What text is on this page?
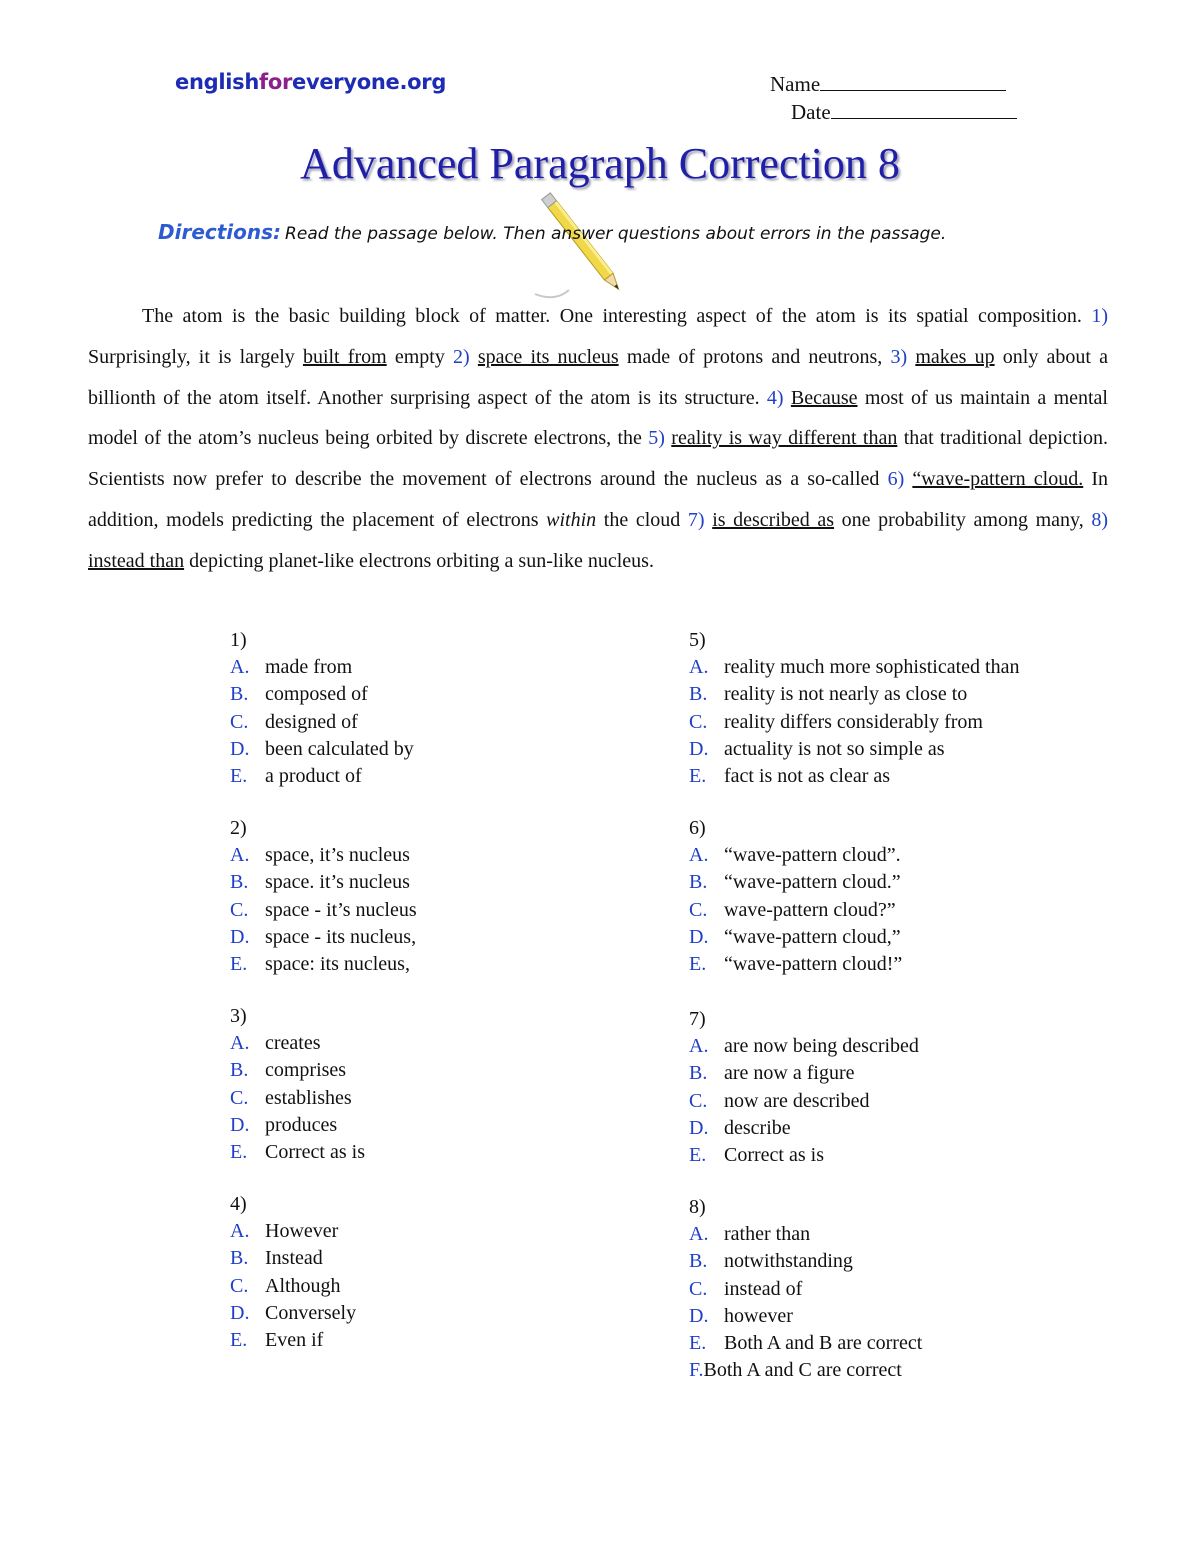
englishforeveryone.org	Name
Date
Advanced Paragraph Correction 8
Directions: Read the passage below. Then answer questions about errors in the passage.

The atom is the basic building block of matter. One interesting aspect of the atom is its spatial composition. 1) Surprisingly, it is largely built from empty 2) space its nucleus made of protons and neutrons, 3) makes up only about a billionth of the atom itself. Another surprising aspect of the atom is its structure. 4) Because most of us maintain a mental model of the atom’s nucleus being orbited by discrete electrons, the 5) reality is way different than that traditional depiction. Scientists now prefer to describe the movement of electrons around the nucleus as a so-called 6) “wave-pattern cloud. In addition, models predicting the placement of electrons within the cloud 7) is described as one probability among many, 8) instead than depicting planet-like electrons orbiting a sun-like nucleus.

1)
A. made from
B. composed of
C. designed of
D. been calculated by
E. a product of
2)
A. space, it’s nucleus
B. space. it’s nucleus
C. space - it’s nucleus
D. space - its nucleus,
E. space: its nucleus,
3)
A. creates
B. comprises
C. establishes
D. produces
E. Correct as is
4)
A. However
B. Instead
C. Although
D. Conversely
E. Even if
5)
A. reality much more sophisticated than
B. reality is not nearly as close to
C. reality differs considerably from
D. actuality is not so simple as
E. fact is not as clear as
6)
A. “wave-pattern cloud”.
B. “wave-pattern cloud.”
C. wave-pattern cloud?”
D. “wave-pattern cloud,”
E. “wave-pattern cloud!”
7)
A. are now being described
B. are now a figure
C. now are described
D. describe
E. Correct as is
8)
A. rather than
B. notwithstanding
C. instead of
D. however
E. Both A and B are correct
F.Both A and C are correct
